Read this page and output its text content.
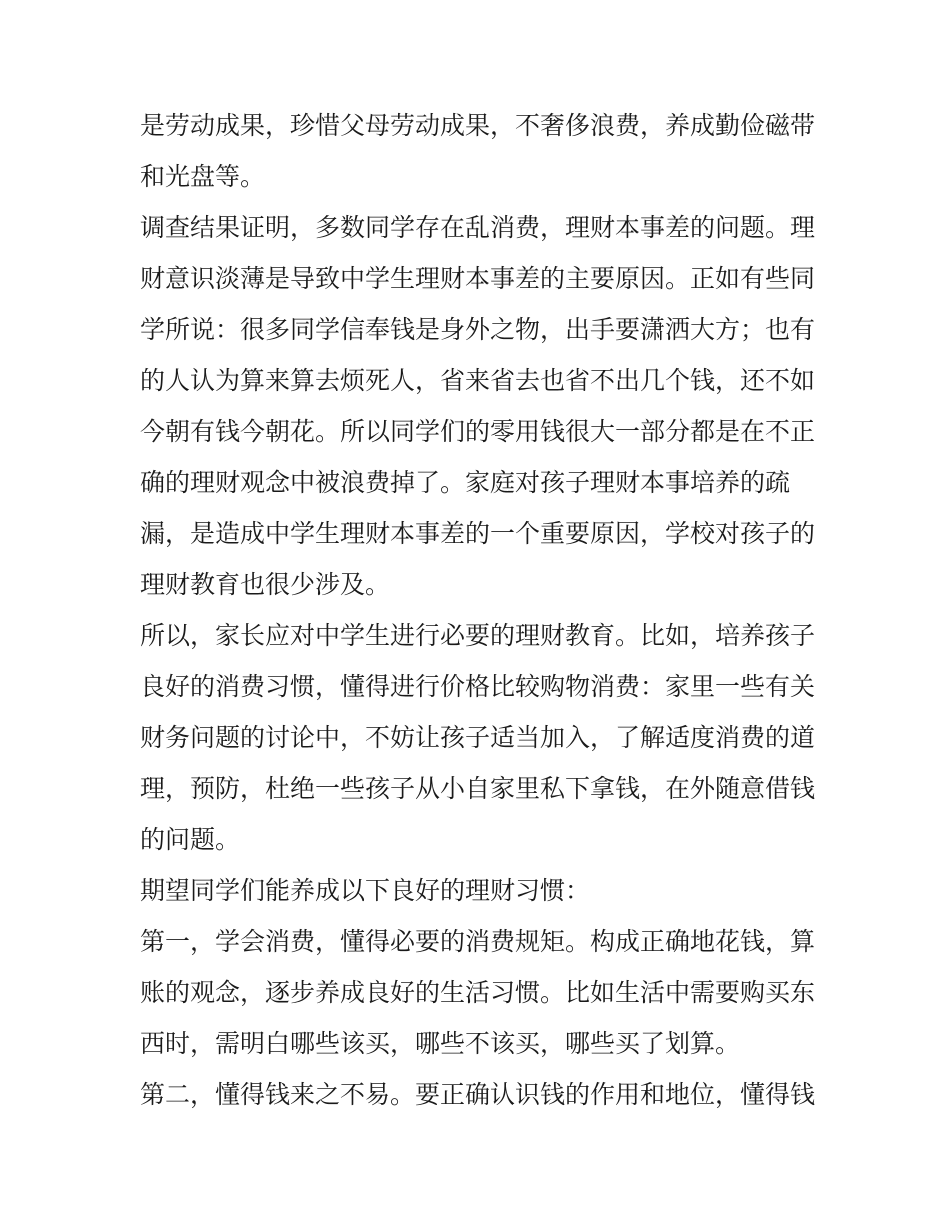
是劳动成果，珍惜父母劳动成果，不奢侈浪费，养成勤俭磁带
和光盘等。
调查结果证明，多数同学存在乱消费，理财本事差的问题。理
财意识淡薄是导致中学生理财本事差的主要原因。正如有些同
学所说：很多同学信奉钱是身外之物，出手要潇洒大方；也有
的人认为算来算去烦死人，省来省去也省不出几个钱，还不如
今朝有钱今朝花。所以同学们的零用钱很大一部分都是在不正
确的理财观念中被浪费掉了。家庭对孩子理财本事培养的疏
漏，是造成中学生理财本事差的一个重要原因，学校对孩子的
理财教育也很少涉及。
所以，家长应对中学生进行必要的理财教育。比如，培养孩子
良好的消费习惯，懂得进行价格比较购物消费：家里一些有关
财务问题的讨论中，不妨让孩子适当加入，了解适度消费的道
理，预防，杜绝一些孩子从小自家里私下拿钱，在外随意借钱
的问题。
期望同学们能养成以下良好的理财习惯：
第一，学会消费，懂得必要的消费规矩。构成正确地花钱，算
账的观念，逐步养成良好的生活习惯。比如生活中需要购买东
西时，需明白哪些该买，哪些不该买，哪些买了划算。
第二，懂得钱来之不易。要正确认识钱的作用和地位，懂得钱
